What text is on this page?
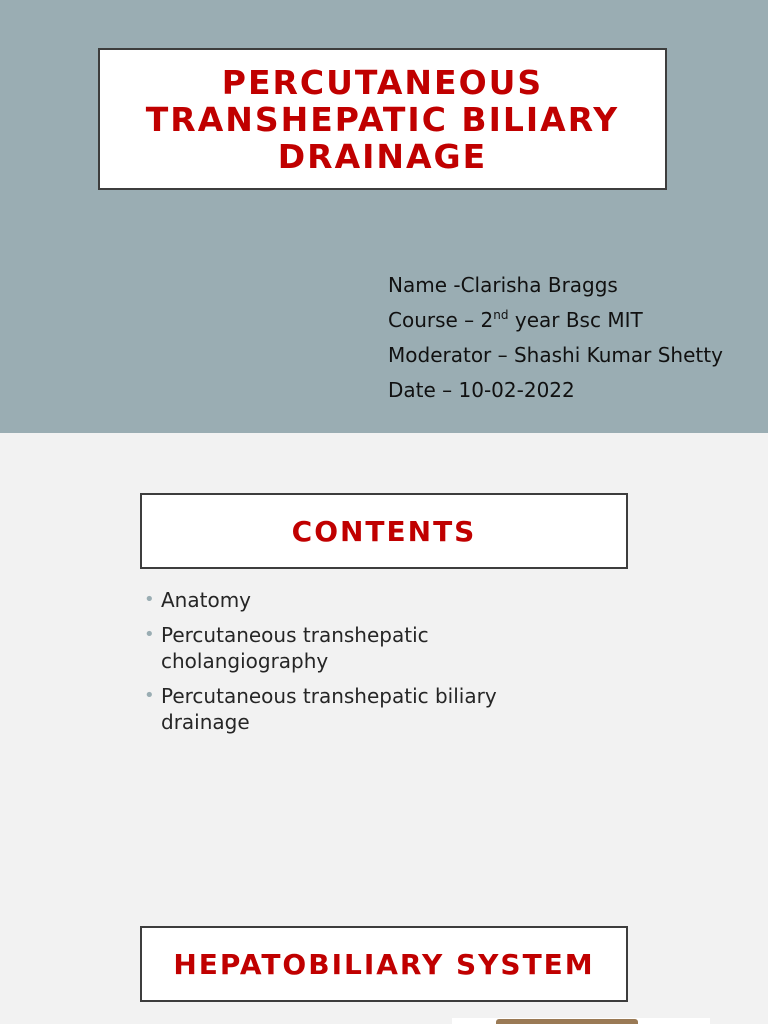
PERCUTANEOUS TRANSHEPATIC BILIARY DRAINAGE
Name -Clarisha Braggs
Course – 2nd year Bsc MIT
Moderator – Shashi Kumar Shetty
Date – 10-02-2022
CONTENTS
• Anatomy
• Percutaneous transhepatic cholangiography
• Percutaneous transhepatic biliary drainage
HEPATOBILIARY SYSTEM
